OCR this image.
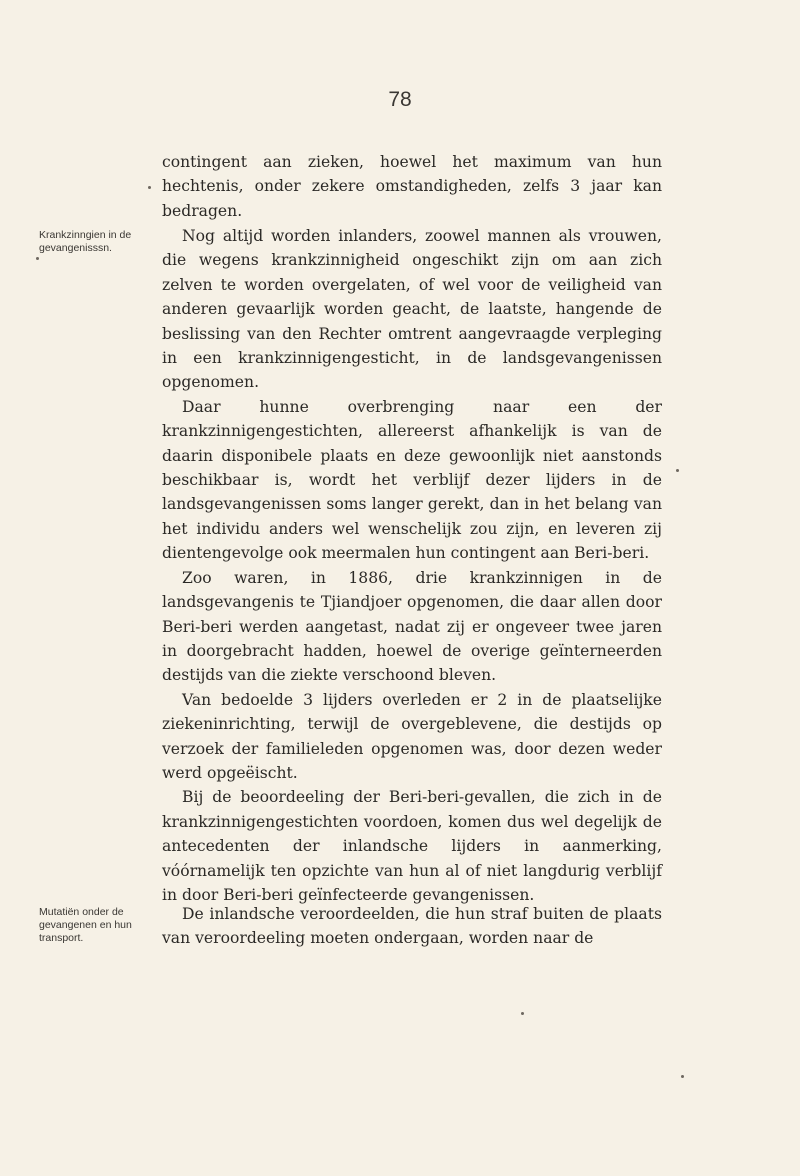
78

contingent aan zieken, hoewel het maximum van hun hechtenis, onder zekere omstandigheden, zelfs 3 jaar kan bedragen.

Krankzinngien in de gevangenisssn.

Nog altijd worden inlanders, zoowel mannen als vrouwen, die wegens krankzinnigheid ongeschikt zijn om aan zich zelven te worden overgelaten, of wel voor de veiligheid van anderen gevaarlijk worden geacht, de laatste, hangende de beslissing van den Rechter omtrent aangevraagde verpleging in een krankzinnigengesticht, in de landsgevangenissen opgenomen.

Daar hunne overbrenging naar een der krankzinnigengestichten, allereerst afhankelijk is van de daarin disponibele plaats en deze gewoonlijk niet aanstonds beschikbaar is, wordt het verblijf dezer lijders in de landsgevangenissen soms langer gerekt, dan in het belang van het individu anders wel wenschelijk zou zijn, en leveren zij dientengevolge ook meermalen hun contingent aan Beri-beri.

Zoo waren, in 1886, drie krankzinnigen in de landsgevangenis te Tjiandjoer opgenomen, die daar allen door Beri-beri werden aangetast, nadat zij er ongeveer twee jaren in doorgebracht hadden, hoewel de overige geïnterneerden destijds van die ziekte verschoond bleven.

Van bedoelde 3 lijders overleden er 2 in de plaatselijke ziekeninrichting, terwijl de overgeblevene, die destijds op verzoek der familieleden opgenomen was, door dezen weder werd opgeëischt.

Bij de beoordeeling der Beri-beri-gevallen, die zich in de krankzinnigengestichten voordoen, komen dus wel degelijk de antecedenten der inlandsche lijders in aanmerking, vóórnamelijk ten opzichte van hun al of niet langdurig verblijf in door Beri-beri geïnfecteerde gevangenissen.

Mutatiën onder de gevangenen en hun transport.

De inlandsche veroordeelden, die hun straf buiten de plaats van veroordeeling moeten ondergaan, worden naar de
